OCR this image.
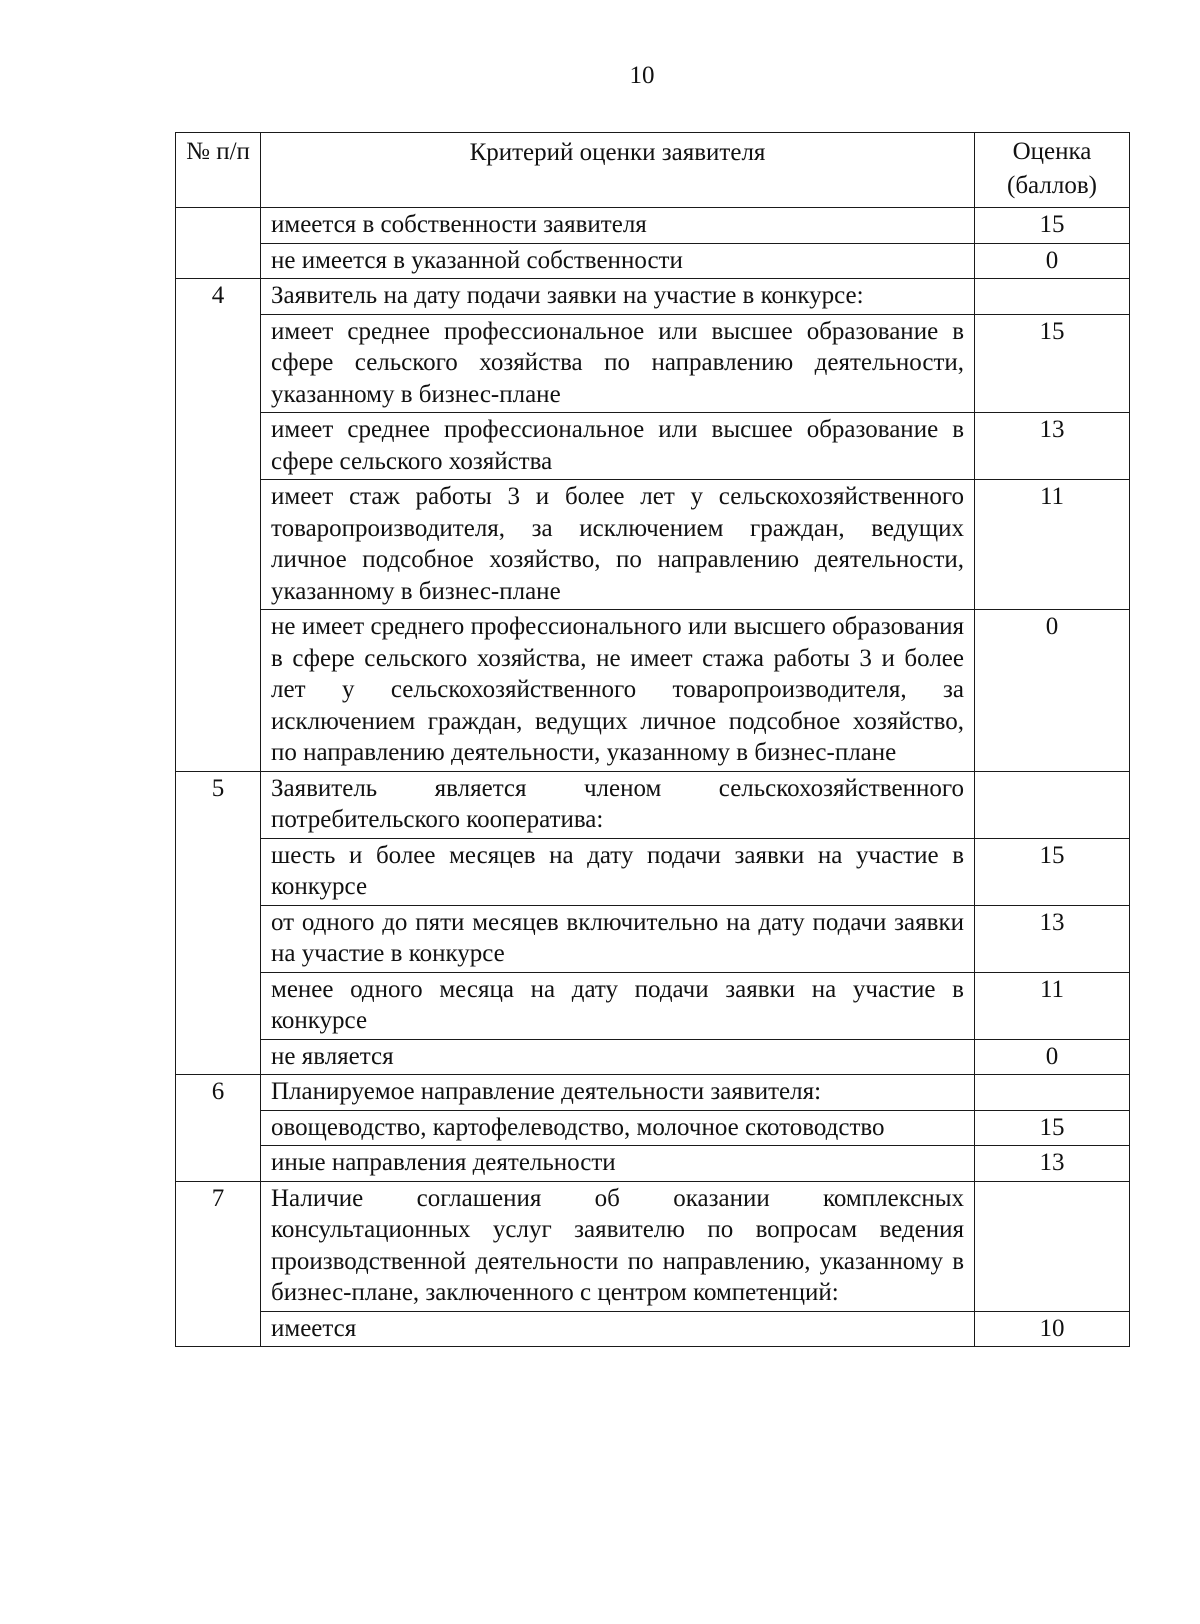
10
№ п/п	Критерий оценки заявителя	Оценка (баллов)
	имеется в собственности заявителя	15
	не имеется в указанной собственности	0
4	Заявитель на дату подачи заявки на участие в конкурсе:	
	имеет среднее профессиональное или высшее образование в сфере сельского хозяйства по направлению деятельности, указанному в бизнес-плане	15
	имеет среднее профессиональное или высшее образование в сфере сельского хозяйства	13
	имеет стаж работы 3 и более лет у сельскохозяйственного товаропроизводителя, за исключением граждан, ведущих личное подсобное хозяйство, по направлению деятельности, указанному в бизнес-плане	11
	не имеет среднего профессионального или высшего образования в сфере сельского хозяйства, не имеет стажа работы 3 и более лет у сельскохозяйственного товаропроизводителя, за исключением граждан, ведущих личное подсобное хозяйство, по направлению деятельности, указанному в бизнес-плане	0
5	Заявитель является членом сельскохозяйственного потребительского кооператива:	
	шесть и более месяцев на дату подачи заявки на участие в конкурсе	15
	от одного до пяти месяцев включительно на дату подачи заявки на участие в конкурсе	13
	менее одного месяца на дату подачи заявки на участие в конкурсе	11
	не является	0
6	Планируемое направление деятельности заявителя:	
	овощеводство, картофелеводство, молочное скотоводство	15
	иные направления деятельности	13
7	Наличие соглашения об оказании комплексных консультационных услуг заявителю по вопросам ведения производственной деятельности по направлению, указанному в бизнес-плане, заключенного с центром компетенций:	
	имеется	10
